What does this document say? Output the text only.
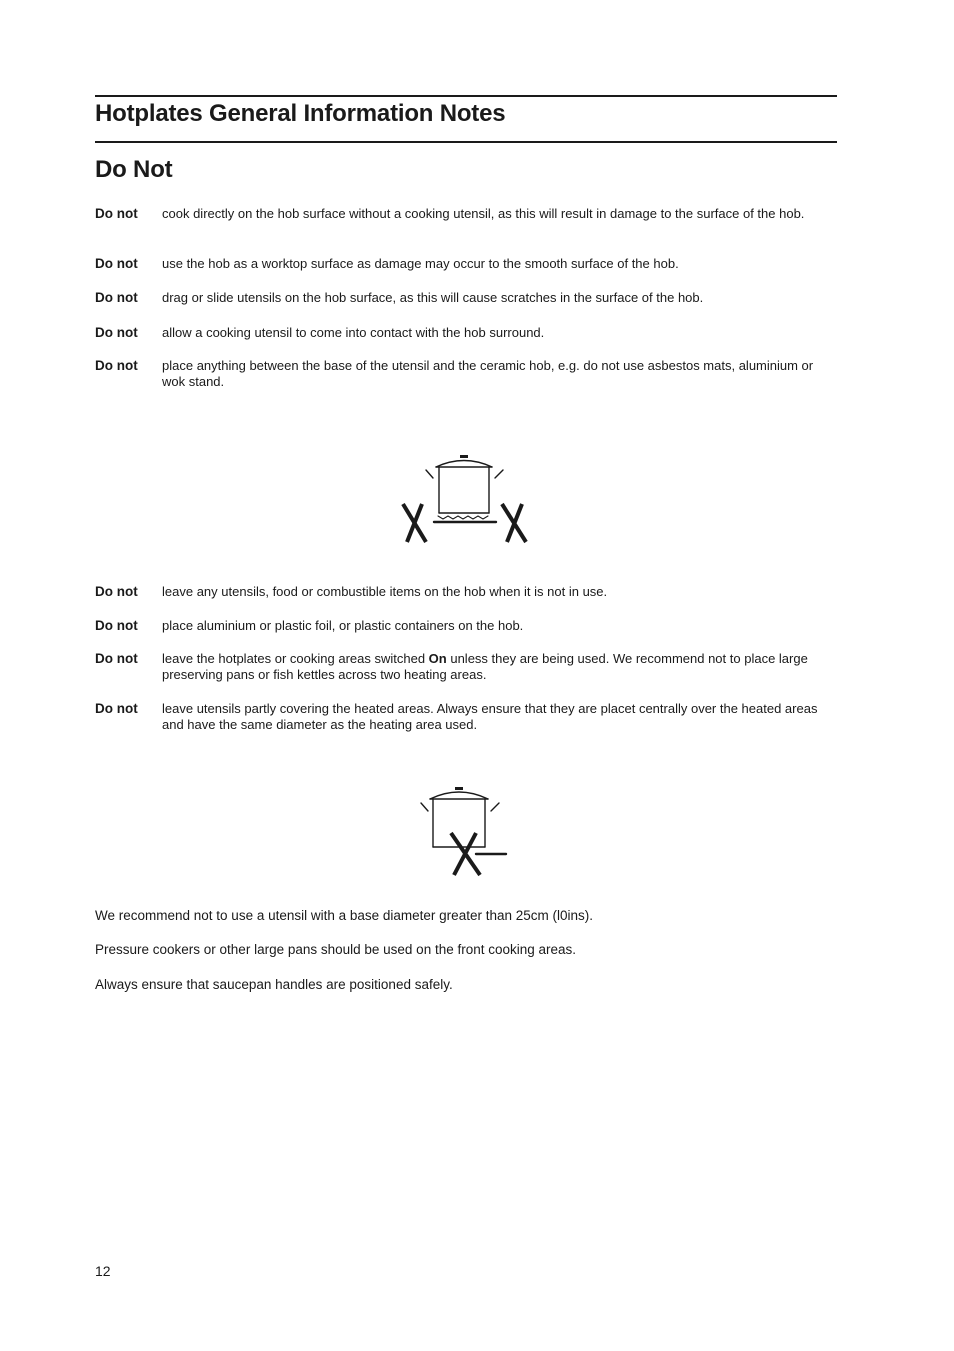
Hotplates General Information Notes
Do Not
Do not	cook directly on the hob surface without a cooking utensil, as this will result in damage to the surface of the hob.
Do not	use the hob as a worktop surface as damage may occur to the smooth surface of the hob.
Do not	drag or slide utensils on the hob surface, as this will cause scratches in the surface of the hob.
Do not	allow a cooking utensil to come into contact with the hob surround.
Do not	place anything between the base of the utensil and the ceramic hob, e.g. do not use asbestos mats, aluminium or wok stand.
Do not	leave any utensils, food or combustible items on the hob when it is not in use.
Do not	place aluminium or plastic foil, or plastic containers on the hob.
Do not	leave the hotplates or cooking areas switched On unless they are being used. We recommend not to place large preserving pans or fish kettles across two heating areas.
Do not	leave utensils partly covering the heated areas. Always ensure that they are placet centrally over the heated areas and have the same diameter as the heating area used.
We recommend not to use a utensil with a base diameter greater than 25cm (l0ins).
Pressure cookers or other large pans should be used on the front cooking areas.
Always ensure that saucepan handles are positioned safely.
12
